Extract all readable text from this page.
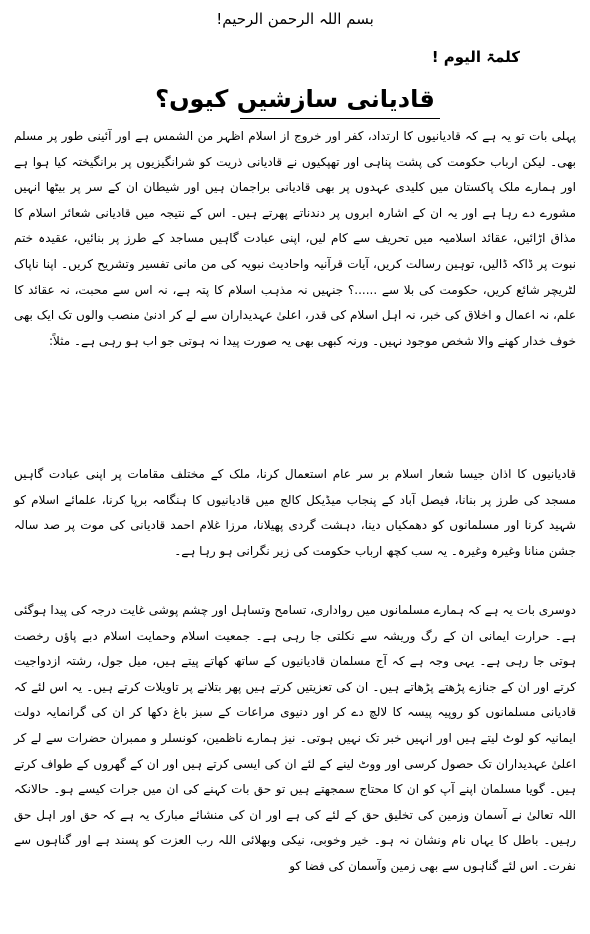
بسم اللہ الرحمن الرحیم!
کلمۃ الیوم !
قادیانی سازشیں کیوں؟

پہلی بات تو یہ ہے کہ قادیانیوں کا ارتداد، کفر اور خروج از اسلام اظہر من الشمس ہے اور آئینی طور پر مسلم بھی۔ لیکن ارباب حکومت کی پشت پناہی اور تھپکیوں نے قادیانی ذریت کو شرانگیزیوں پر برانگیختہ کیا ہوا ہے اور ہمارے ملک پاکستان میں کلیدی عہدوں پر بھی قادیانی براجمان ہیں اور شیطان ان کے سر پر بیٹھا انہیں مشورے دے رہا ہے اور یہ ان کے اشارہ ابروں پر دندناتے پھرتے ہیں۔ اس کے نتیجہ میں قادیانی شعائر اسلام کا مذاق اڑائیں، عقائد اسلامیہ میں تحریف سے کام لیں، اپنی عبادت گاہیں مساجد کے طرز پر بنائیں، عقیدہ ختم نبوت پر ڈاکہ ڈالیں، توہین رسالت کریں، آیات قرآنیہ واحادیث نبویہ کی من مانی تفسیر وتشریح کریں۔ اپنا ناپاک لٹریچر شائع کریں، حکومت کی بلا سے ......؟ جنہیں نہ مذہب اسلام کا پتہ ہے، نہ اس سے محبت، نہ عقائد کا علم، نہ اعمال و اخلاق کی خبر، نہ اہل اسلام کی قدر، اعلیٰ عہدیداران سے لے کر ادنیٰ منصب والوں تک ایک بھی خوف خدار کھنے والا شخص موجود نہیں۔ ورنہ کبھی بھی یہ صورت پیدا نہ ہوتی جو اب ہو رہی ہے۔ مثلاً:

قادیانیوں کا اذان جیسا شعار اسلام بر سر عام استعمال کرنا، ملک کے مختلف مقامات پر اپنی عبادت گاہیں مسجد کی طرز پر بنانا، فیصل آباد کے پنجاب میڈیکل کالج میں قادیانیوں کا ہنگامہ برپا کرنا، علمائے اسلام کو شہید کرنا اور مسلمانوں کو دھمکیاں دینا، دہشت گردی پھیلانا، مرزا غلام احمد قادیانی کی موت پر صد سالہ جشن منانا وغیرہ وغیرہ۔ یہ سب کچھ ارباب حکومت کی زیر نگرانی ہو رہا ہے۔

دوسری بات یہ ہے کہ ہمارے مسلمانوں میں رواداری، تسامح وتساہل اور چشم پوشی غایت درجہ کی پیدا ہوگئی ہے۔ حرارت ایمانی ان کے رگ وریشہ سے نکلتی جا رہی ہے۔ جمعیت اسلام وحمایت اسلام دبے پاؤں رخصت ہوتی جا رہی ہے۔ یہی وجہ ہے کہ آج مسلمان قادیانیوں کے ساتھ کھاتے پیتے ہیں، میل جول، رشتہ ازدواجیت کرتے اور ان کے جنازے پڑھتے پڑھاتے ہیں۔ ان کی تعزیتیں کرتے ہیں پھر بتلانے پر تاویلات کرتے ہیں۔ یہ اس لئے کہ قادیانی مسلمانوں کو روپیہ پیسہ کا لالچ دے کر اور دنیوی مراعات کے سبز باغ دکھا کر ان کی گرانمایہ دولت ایمانیہ کو لوٹ لیتے ہیں اور انہیں خبر تک نہیں ہوتی۔ نیز ہمارے ناظمین، کونسلر و ممبران حضرات سے لے کر اعلیٰ عہدیداران تک حصول کرسی اور ووٹ لینے کے لئے ان کی ایسی کرتے ہیں اور ان کے گھروں کے طواف کرتے ہیں۔ گویا مسلمان اپنے آپ کو ان کا محتاج سمجھتے ہیں تو حق بات کہنے کی ان میں جرات کیسے ہو۔ حالانکہ اللہ تعالیٰ نے آسمان وزمین کی تخلیق حق کے لئے کی ہے اور ان کی منشائے مبارک یہ ہے کہ حق اور اہل حق رہیں۔ باطل کا یہاں نام ونشان نہ ہو۔ خیر وخوبی، نیکی وبھلائی اللہ رب العزت کو پسند ہے اور گناہوں سے نفرت۔ اس لئے گناہوں سے بھی زمین وآسمان کی فضا کو
